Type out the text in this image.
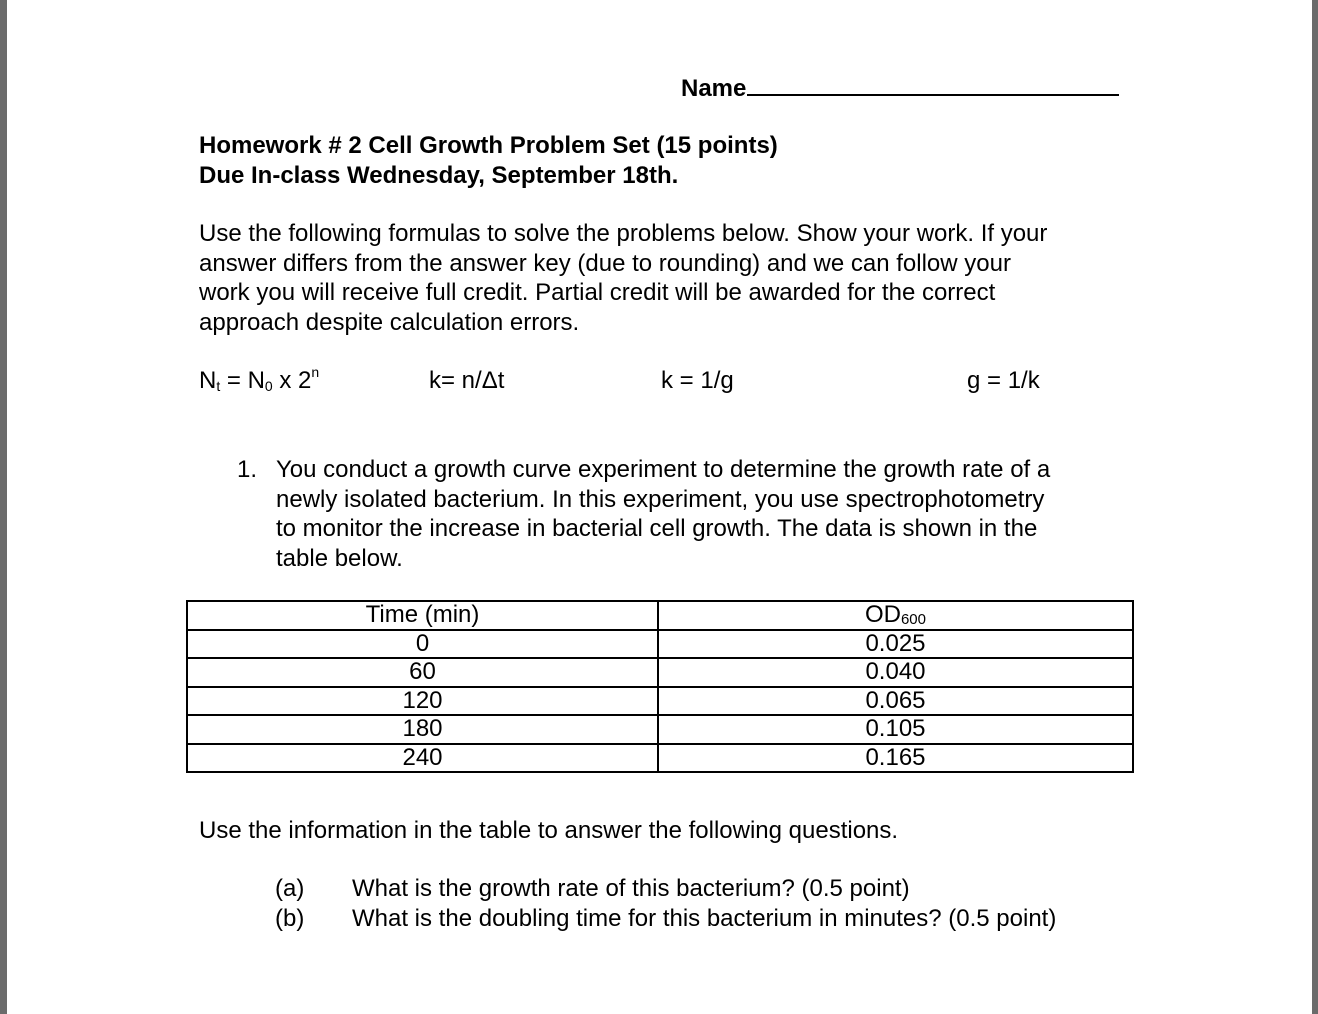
Name
Homework # 2 Cell Growth Problem Set (15 points)
Due In-class Wednesday, September 18th.
Use the following formulas to solve the problems below. Show your work. If your
answer differs from the answer key (due to rounding) and we can follow your
work you will receive full credit. Partial credit will be awarded for the correct
approach despite calculation errors.
$N_t = N_0$ x 2$^n$	k= n/Δt	k = 1/g	g = 1/k
1. You conduct a growth curve experiment to determine the growth rate of a
newly isolated bacterium. In this experiment, you use spectrophotometry
to monitor the increase in bacterial cell growth. The data is shown in the
table below.
Time (min)	$OD_{600}$
0	0.025
60	0.040
120	0.065
180	0.105
240	0.165
Use the information in the table to answer the following questions.
(a) What is the growth rate of this bacterium? (0.5 point)
(b) What is the doubling time for this bacterium in minutes? (0.5 point)
